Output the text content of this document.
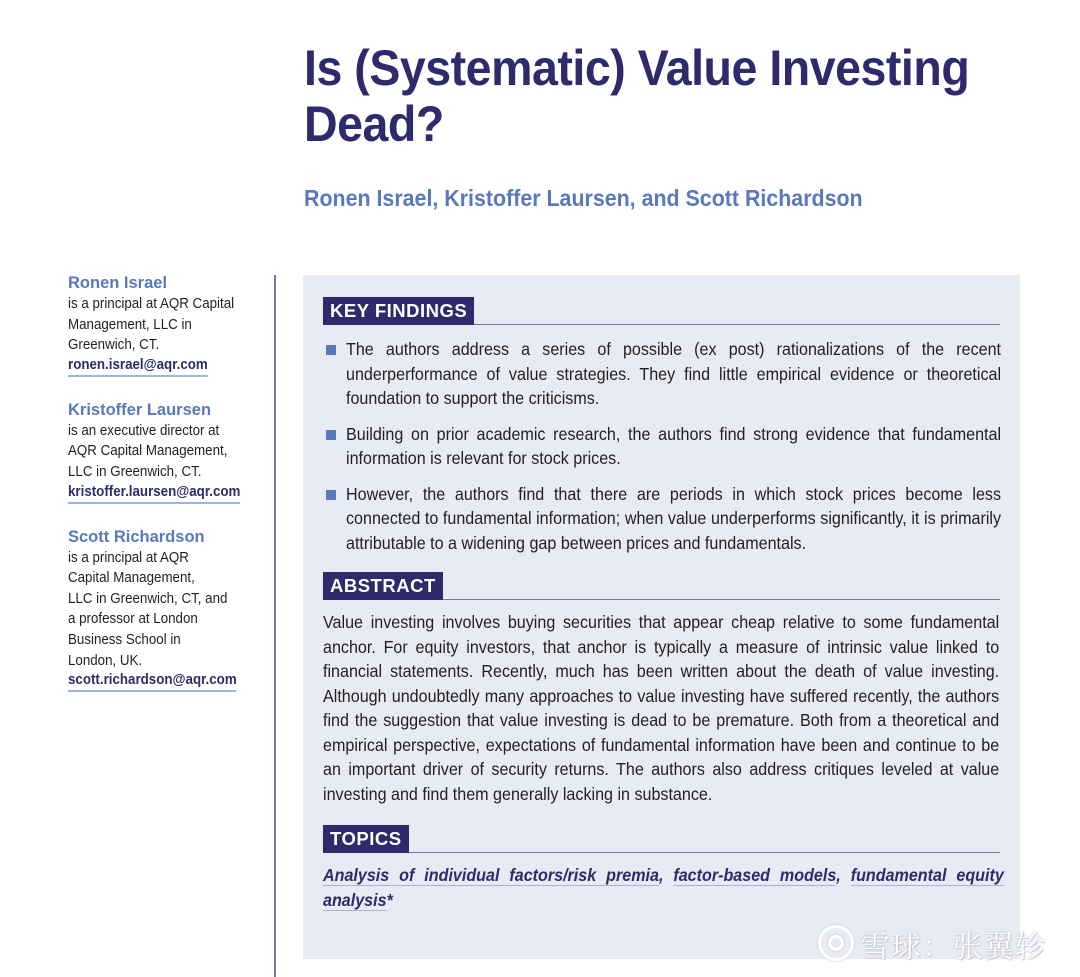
Is (Systematic) Value Investing Dead?
Ronen Israel, Kristoffer Laursen, and Scott Richardson
Ronen Israel
is a principal at AQR Capital
Management, LLC in
Greenwich, CT.
ronen.israel@aqr.com
Kristoffer Laursen
is an executive director at
AQR Capital Management,
LLC in Greenwich, CT.
kristoffer.laursen@aqr.com
Scott Richardson
is a principal at AQR
Capital Management,
LLC in Greenwich, CT, and
a professor at London
Business School in
London, UK.
scott.richardson@aqr.com
KEY FINDINGS
The authors address a series of possible (ex post) rationalizations of the recent underperformance of value strategies. They find little empirical evidence or theoretical foundation to support the criticisms.
Building on prior academic research, the authors find strong evidence that fundamental information is relevant for stock prices.
However, the authors find that there are periods in which stock prices become less connected to fundamental information; when value underperforms significantly, it is primarily attributable to a widening gap between prices and fundamentals.
ABSTRACT
Value investing involves buying securities that appear cheap relative to some fundamental anchor. For equity investors, that anchor is typically a measure of intrinsic value linked to financial statements. Recently, much has been written about the death of value investing. Although undoubtedly many approaches to value investing have suffered recently, the authors find the suggestion that value investing is dead to be premature. Both from a theoretical and empirical perspective, expectations of fundamental information have been and continue to be an important driver of security returns. The authors also address critiques leveled at value investing and find them generally lacking in substance.
TOPICS
Analysis of individual factors/risk premia, factor-based models, fundamental equity analysis*
雪球：张翼轸
